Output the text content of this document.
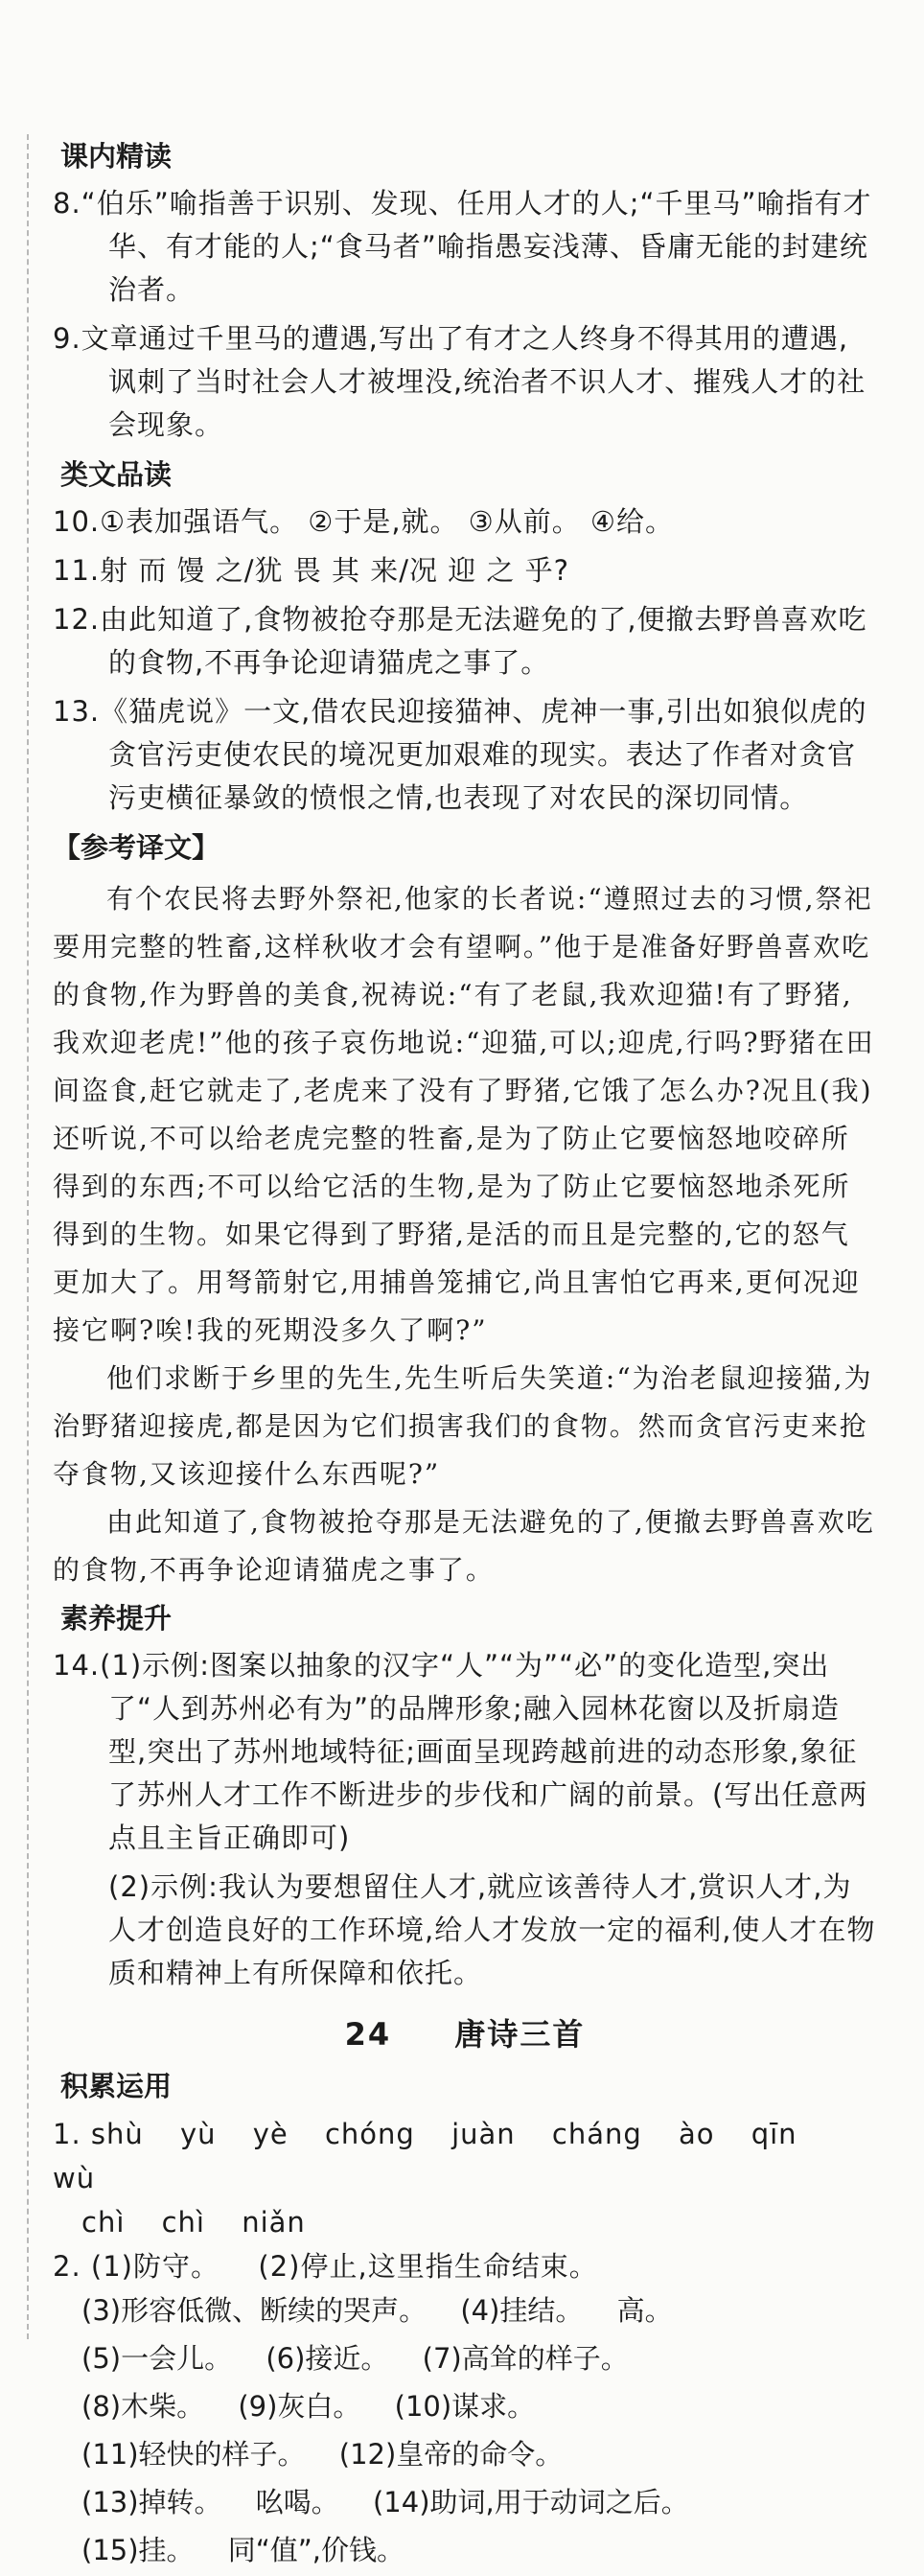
课内精读
8.“伯乐”喻指善于识别、发现、任用人才的人;“千里马”喻指有才华、有才能的人;“食马者”喻指愚妄浅薄、昏庸无能的封建统治者。
9.文章通过千里马的遭遇,写出了有才之人终身不得其用的遭遇,讽刺了当时社会人才被埋没,统治者不识人才、摧残人才的社会现象。
类文品读
10.①表加强语气。 ②于是,就。 ③从前。 ④给。
11.射 而 馒 之/犹 畏 其 来/况 迎 之 乎?
12.由此知道了,食物被抢夺那是无法避免的了,便撤去野兽喜欢吃的食物,不再争论迎请猫虎之事了。
13.《猫虎说》一文,借农民迎接猫神、虎神一事,引出如狼似虎的贪官污吏使农民的境况更加艰难的现实。表达了作者对贪官污吏横征暴敛的愤恨之情,也表现了对农民的深切同情。
【参考译文】

有个农民将去野外祭祀,他家的长者说:“遵照过去的习惯,祭祀要用完整的牲畜,这样秋收才会有望啊。”他于是准备好野兽喜欢吃的食物,作为野兽的美食,祝祷说:“有了老鼠,我欢迎猫!有了野猪,我欢迎老虎!”他的孩子哀伤地说:“迎猫,可以;迎虎,行吗?野猪在田间盗食,赶它就走了,老虎来了没有了野猪,它饿了怎么办?况且(我)还听说,不可以给老虎完整的牲畜,是为了防止它要恼怒地咬碎所得到的东西;不可以给它活的生物,是为了防止它要恼怒地杀死所得到的生物。如果它得到了野猪,是活的而且是完整的,它的怒气更加大了。用弩箭射它,用捕兽笼捕它,尚且害怕它再来,更何况迎接它啊?唉!我的死期没多久了啊?”

他们求断于乡里的先生,先生听后失笑道:“为治老鼠迎接猫,为治野猪迎接虎,都是因为它们损害我们的食物。然而贪官污吏来抢夺食物,又该迎接什么东西呢?”

由此知道了,食物被抢夺那是无法避免的了,便撤去野兽喜欢吃的食物,不再争论迎请猫虎之事了。

素养提升
14.(1)示例:图案以抽象的汉字“人”“为”“必”的变化造型,突出了“人到苏州必有为”的品牌形象;融入园林花窗以及折扇造型,突出了苏州地域特征;画面呈现跨越前进的动态形象,象征了苏州人才工作不断进步的步伐和广阔的前景。(写出任意两点且主旨正确即可)
(2)示例:我认为要想留住人才,就应该善待人才,赏识人才,为人才创造良好的工作环境,给人才发放一定的福利,使人才在物质和精神上有所保障和依托。
24 唐诗三首
积累运用
1. shù yù yè chóng juàn cháng ào qīn wù
chì chì niǎn
2. (1)防守。 (2)停止,这里指生命结束。
(3)形容低微、断续的哭声。 (4)挂结。 高。
(5)一会儿。 (6)接近。 (7)高耸的样子。
(8)木柴。 (9)灰白。 (10)谋求。
(11)轻快的样子。 (12)皇帝的命令。
(13)掉转。 吆喝。 (14)助词,用于动词之后。
(15)挂。 同“值”,价钱。
